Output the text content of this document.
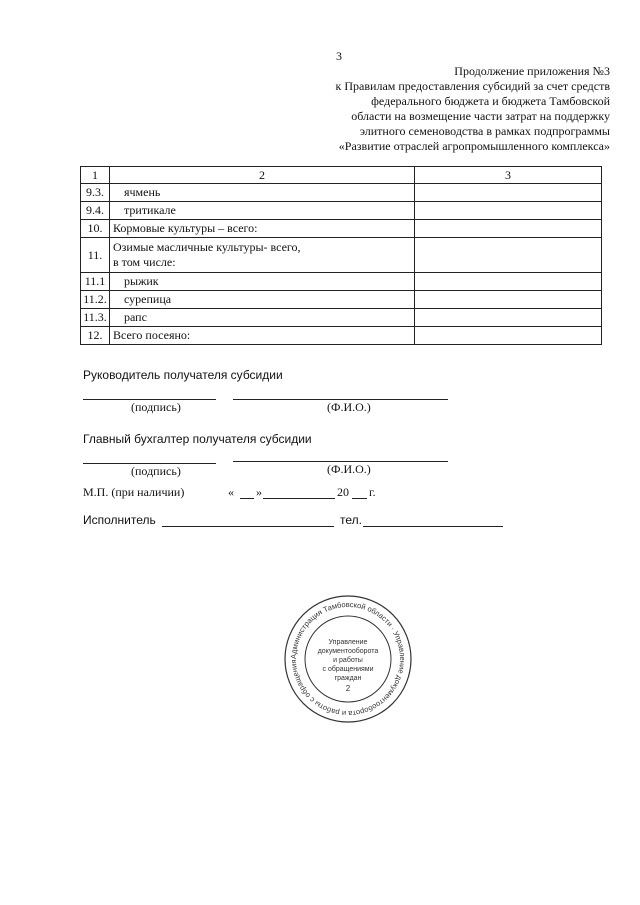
3
Продолжение приложения №3
к Правилам предоставления субсидий за счет средств
федерального бюджета и бюджета Тамбовской
области на возмещение части затрат на поддержку
элитного семеноводства в рамках подпрограммы
«Развитие отраслей агропромышленного комплекса»
1	2	3
9.3.	ячмень	
9.4.	тритикале	
10.	Кормовые культуры – всего:	
11.	Озимые масличные культуры- всего,
в том числе:	

11.1	рыжик	
11.2.	сурепица	
11.3.	рапс	
12.	Всего посеяно:	
Руководитель получателя субсидии
(подпись)	(Ф.И.О.)
Главный бухгалтер получателя субсидии
(подпись)	(Ф.И.О.)
М.П. (при наличии)	« »	20 г.
Исполнитель	тел.
Администрация Тамбовской области · Управление документооборота и работы с обращения
Управление
документооборота
и работы
с обращениями
граждан
2
